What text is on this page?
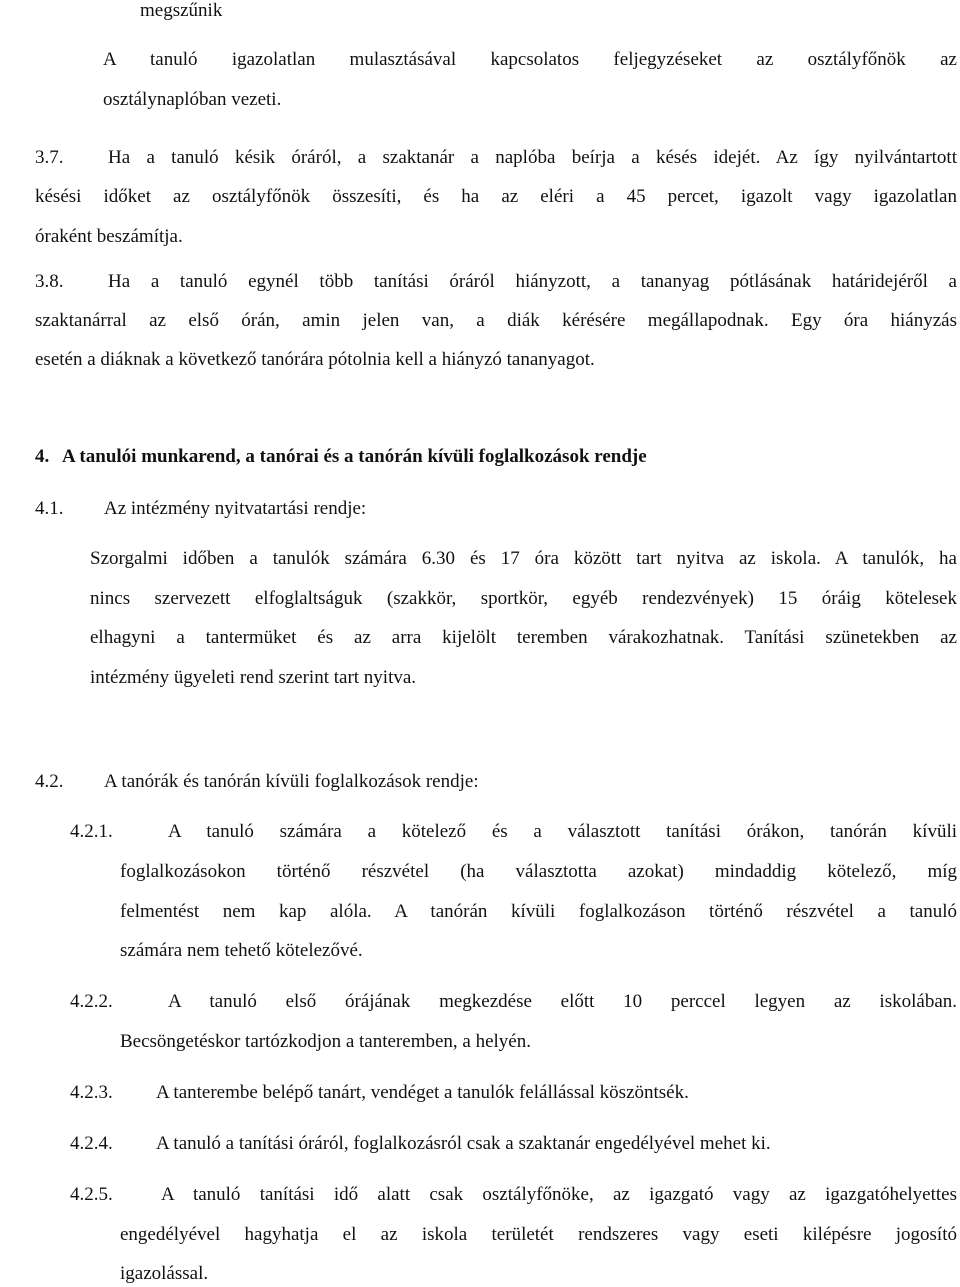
megszűnik
A tanuló igazolatlan mulasztásával kapcsolatos feljegyzéseket az osztályfőnök az
osztálynaplóban vezeti.
3.7. Ha a tanuló késik óráról, a szaktanár a naplóba beírja a késés idejét. Az így nyilvántartott
késési időket az osztályfőnök összesíti, és ha az eléri a 45 percet, igazolt vagy igazolatlan
óraként beszámítja.
3.8. Ha a tanuló egynél több tanítási óráról hiányzott, a tananyag pótlásának határidejéről a
szaktanárral az első órán, amin jelen van, a diák kérésére megállapodnak. Egy óra hiányzás
esetén a diáknak a következő tanórára pótolnia kell a hiányzó tananyagot.
4. A tanulói munkarend, a tanórai és a tanórán kívüli foglalkozások rendje
4.1. Az intézmény nyitvatartási rendje:
Szorgalmi időben a tanulók számára 6.30 és 17 óra között tart nyitva az iskola. A tanulók, ha
nincs szervezett elfoglaltságuk (szakkör, sportkör, egyéb rendezvények) 15 óráig kötelesek
elhagyni a tantermüket és az arra kijelölt teremben várakozhatnak. Tanítási szünetekben az
intézmény ügyeleti rend szerint tart nyitva.
4.2. A tanórák és tanórán kívüli foglalkozások rendje:
4.2.1.	A tanuló számára a kötelező és a választott tanítási órákon, tanórán kívüli
foglalkozásokon történő részvétel (ha választotta azokat) mindaddig kötelező, míg
felmentést nem kap alóla. A tanórán kívüli foglalkozáson történő részvétel a tanuló
számára nem tehető kötelezővé.
4.2.2.	A tanuló első órájának megkezdése előtt 10 perccel legyen az iskolában.
Becsöngetéskor tartózkodjon a tanteremben, a helyén.
4.2.3. A tanterembe belépő tanárt, vendéget a tanulók felállással köszöntsék.
4.2.4. A tanuló a tanítási óráról, foglalkozásról csak a szaktanár engedélyével mehet ki.
4.2.5.	A tanuló tanítási idő alatt csak osztályfőnöke, az igazgató vagy az igazgatóhelyettes
engedélyével hagyhatja el az iskola területét rendszeres vagy eseti kilépésre jogosító
igazolással.
